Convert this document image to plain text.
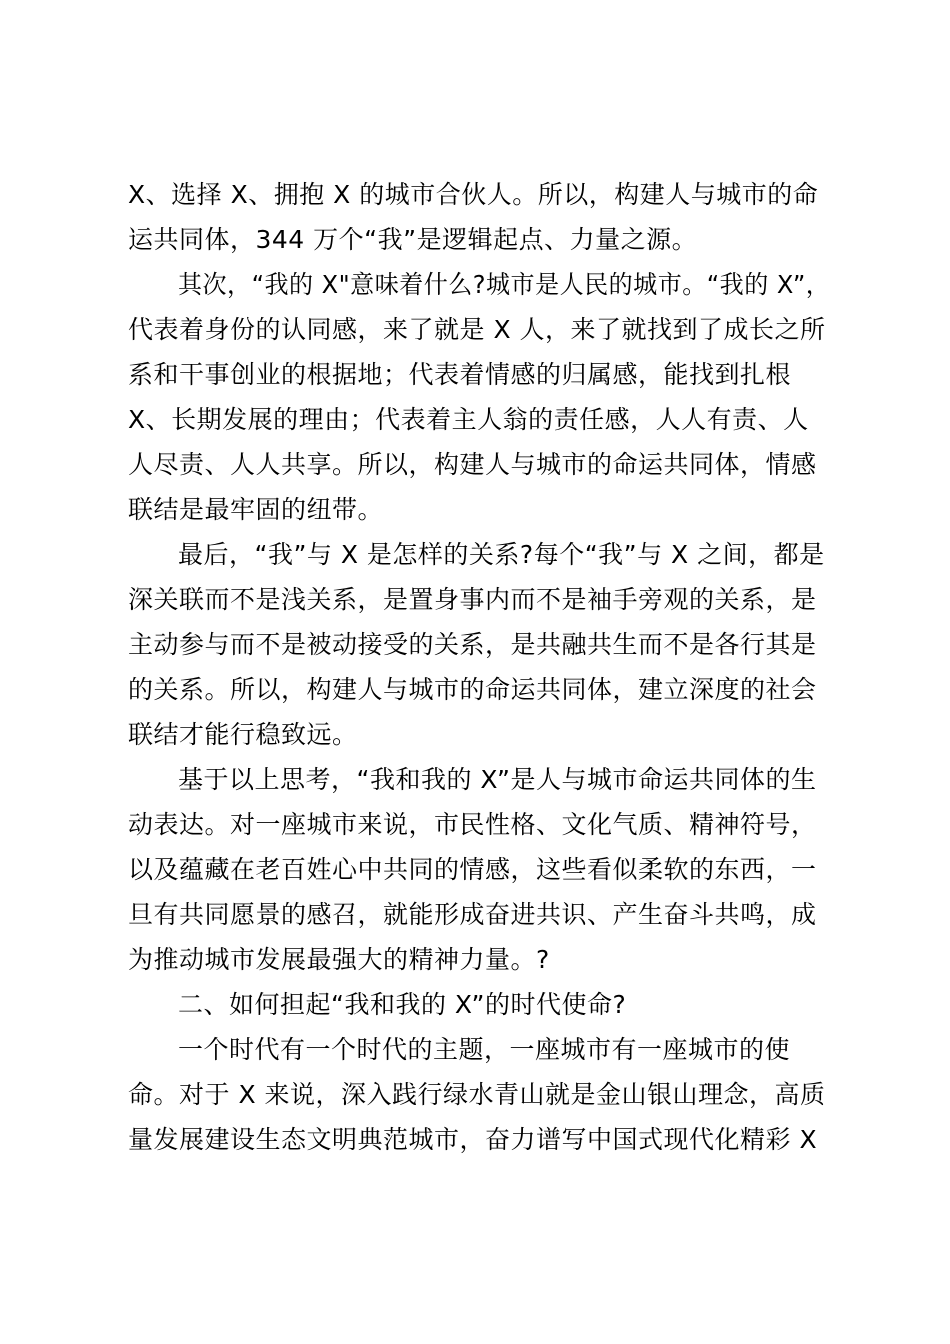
X、选择 X、拥抱 X 的城市合伙人。所以，构建人与城市的命
运共同体，344 万个“我”是逻辑起点、力量之源。
其次，“我的 X"意味着什么?城市是人民的城市。“我的 X”，
代表着身份的认同感，来了就是 X 人，来了就找到了成长之所
系和干事创业的根据地；代表着情感的归属感，能找到扎根
X、长期发展的理由；代表着主人翁的责任感，人人有责、人
人尽责、人人共享。所以，构建人与城市的命运共同体，情感
联结是最牢固的纽带。
最后，“我”与 X 是怎样的关系?每个“我”与 X 之间，都是
深关联而不是浅关系，是置身事内而不是袖手旁观的关系，是
主动参与而不是被动接受的关系，是共融共生而不是各行其是
的关系。所以，构建人与城市的命运共同体，建立深度的社会
联结才能行稳致远。
基于以上思考，“我和我的 X”是人与城市命运共同体的生
动表达。对一座城市来说，市民性格、文化气质、精神符号，
以及蕴藏在老百姓心中共同的情感，这些看似柔软的东西，一
旦有共同愿景的感召，就能形成奋进共识、产生奋斗共鸣，成
为推动城市发展最强大的精神力量。?
二、如何担起“我和我的 X”的时代使命?
一个时代有一个时代的主题，一座城市有一座城市的使
命。对于 X 来说，深入践行绿水青山就是金山银山理念，高质
量发展建设生态文明典范城市，奋力谱写中国式现代化精彩 X
